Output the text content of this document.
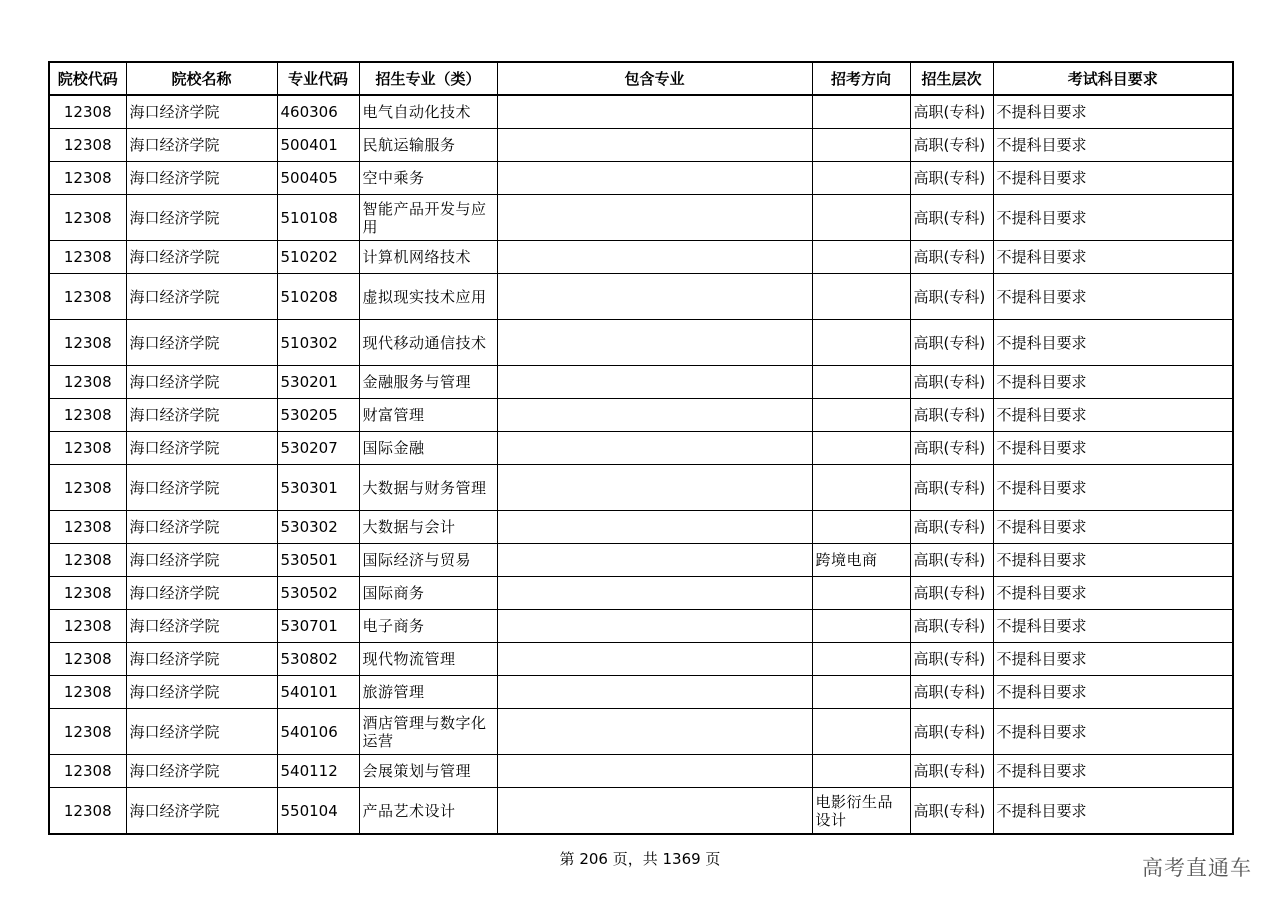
院校代码	院校名称	专业代码	招生专业（类）	包含专业	招考方向	招生层次	考试科目要求
12308	海口经济学院	460306	电气自动化技术			高职(专科)	不提科目要求
12308	海口经济学院	500401	民航运输服务			高职(专科)	不提科目要求
12308	海口经济学院	500405	空中乘务			高职(专科)	不提科目要求
12308	海口经济学院	510108	智能产品开发与应用			高职(专科)	不提科目要求
12308	海口经济学院	510202	计算机网络技术			高职(专科)	不提科目要求
12308	海口经济学院	510208	虚拟现实技术应用			高职(专科)	不提科目要求
12308	海口经济学院	510302	现代移动通信技术			高职(专科)	不提科目要求
12308	海口经济学院	530201	金融服务与管理			高职(专科)	不提科目要求
12308	海口经济学院	530205	财富管理			高职(专科)	不提科目要求
12308	海口经济学院	530207	国际金融			高职(专科)	不提科目要求
12308	海口经济学院	530301	大数据与财务管理			高职(专科)	不提科目要求
12308	海口经济学院	530302	大数据与会计			高职(专科)	不提科目要求
12308	海口经济学院	530501	国际经济与贸易		跨境电商	高职(专科)	不提科目要求
12308	海口经济学院	530502	国际商务			高职(专科)	不提科目要求
12308	海口经济学院	530701	电子商务			高职(专科)	不提科目要求
12308	海口经济学院	530802	现代物流管理			高职(专科)	不提科目要求
12308	海口经济学院	540101	旅游管理			高职(专科)	不提科目要求
12308	海口经济学院	540106	酒店管理与数字化运营			高职(专科)	不提科目要求
12308	海口经济学院	540112	会展策划与管理			高职(专科)	不提科目要求
12308	海口经济学院	550104	产品艺术设计		电影衍生品设计	高职(专科)	不提科目要求
第 206 页，共 1369 页	高考直通车
